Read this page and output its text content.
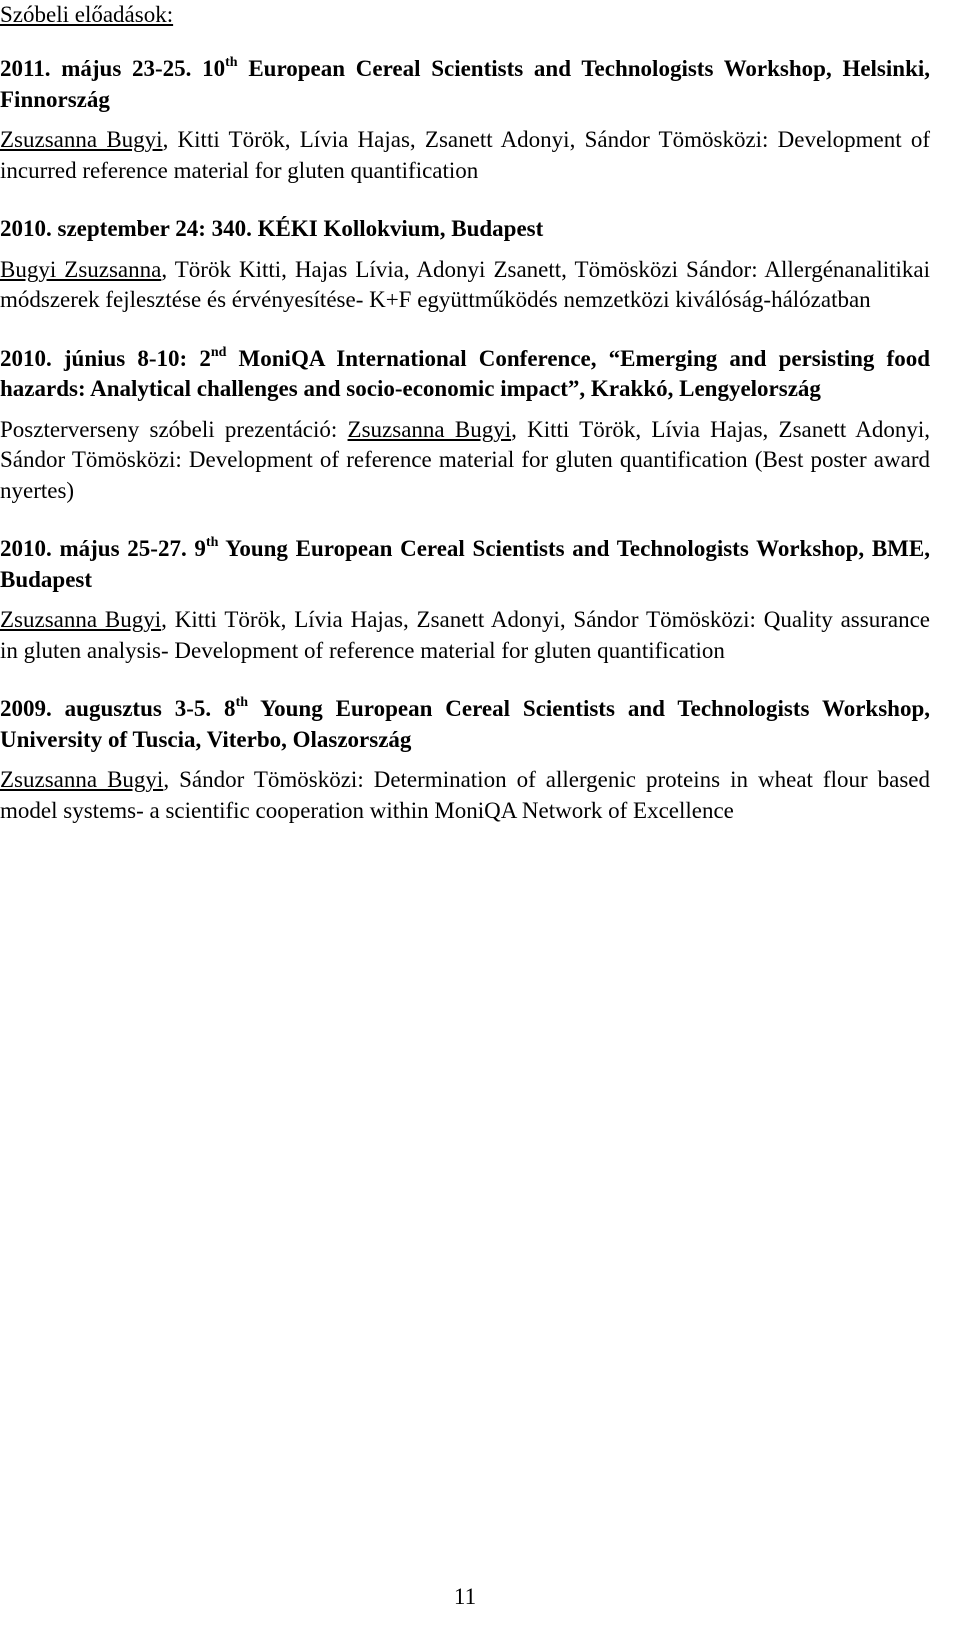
Szóbeli előadások:

2011. május 23-25. 10th European Cereal Scientists and Technologists Workshop, Helsinki, Finnország

Zsuzsanna Bugyi, Kitti Török, Lívia Hajas, Zsanett Adonyi, Sándor Tömösközi: Development of incurred reference material for gluten quantification

2010. szeptember 24: 340. KÉKI Kollokvium, Budapest

Bugyi Zsuzsanna, Török Kitti, Hajas Lívia, Adonyi Zsanett, Tömösközi Sándor: Allergénanalitikai módszerek fejlesztése és érvényesítése- K+F együttműködés nemzetközi kiválóság-hálózatban

2010. június 8-10: 2nd MoniQA International Conference, “Emerging and persisting food hazards: Analytical challenges and socio-economic impact”, Krakkó, Lengyelország

Poszterverseny szóbeli prezentáció: Zsuzsanna Bugyi, Kitti Török, Lívia Hajas, Zsanett Adonyi, Sándor Tömösközi: Development of reference material for gluten quantification (Best poster award nyertes)

2010. május 25-27. 9th Young European Cereal Scientists and Technologists Workshop, BME, Budapest

Zsuzsanna Bugyi, Kitti Török, Lívia Hajas, Zsanett Adonyi, Sándor Tömösközi: Quality assurance in gluten analysis- Development of reference material for gluten quantification

2009. augusztus 3-5. 8th Young European Cereal Scientists and Technologists Workshop, University of Tuscia, Viterbo, Olaszország

Zsuzsanna Bugyi, Sándor Tömösközi: Determination of allergenic proteins in wheat flour based model systems- a scientific cooperation within MoniQA Network of Excellence

11
